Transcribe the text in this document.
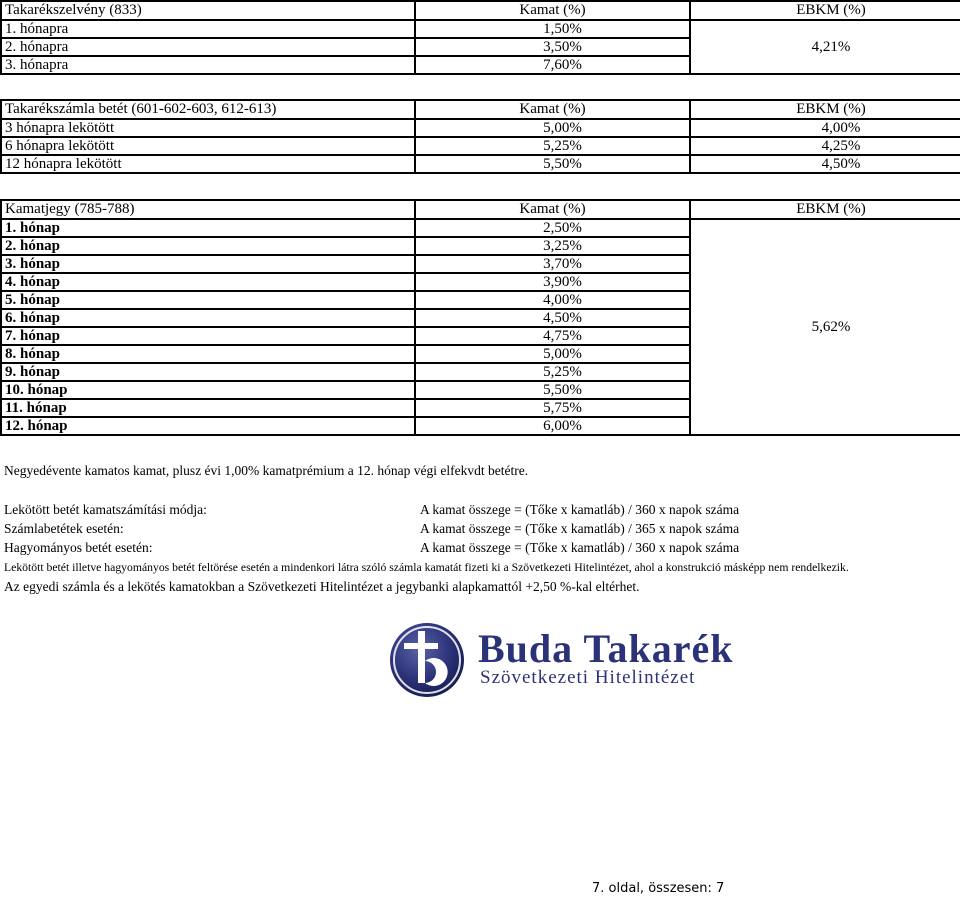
Takarékszelvény (833)	Kamat (%)	EBKM (%)
1. hónapra	1,50%	4,21%
2. hónapra	3,50%	
3. hónapra	7,60%	
Takarékszámla betét (601-602-603, 612-613)	Kamat (%)	EBKM (%)
3 hónapra lekötött	5,00%	4,00%
6 hónapra lekötött	5,25%	4,25%
12 hónapra lekötött	5,50%	4,50%
Kamatjegy (785-788)	Kamat (%)	EBKM (%)
1. hónap	2,50%	5,62%
2. hónap	3,25%	
3. hónap	3,70%	
4. hónap	3,90%	
5. hónap	4,00%	
6. hónap	4,50%	
7. hónap	4,75%	
8. hónap	5,00%	
9. hónap	5,25%	
10. hónap	5,50%	
11. hónap	5,75%	
12. hónap	6,00%	
Negyedévente kamatos kamat, plusz évi 1,00% kamatprémium a 12. hónap végi elfekvdt betétre.
Lekötött betét kamatszámítási módja:	A kamat összege = (Tőke x kamatláb) / 360 x napok száma
Számlabetétek esetén:	A kamat összege = (Tőke x kamatláb) / 365 x napok száma
Hagyományos betét esetén:	A kamat összege = (Tőke x kamatláb) / 360 x napok száma
Lekötött betét illetve hagyományos betét feltörése esetén a mindenkori látra szóló számla kamatát fizeti ki a Szövetkezeti Hitelintézet, ahol a konstrukció másképp nem rendelkezik.
Az egyedi számla és a lekötés kamatokban a Szövetkezeti Hitelintézet a jegybanki alapkamattól +2,50 %-kal eltérhet.
Buda Takarék
Szövetkezeti Hitelintézet
7. oldal, összesen: 7
